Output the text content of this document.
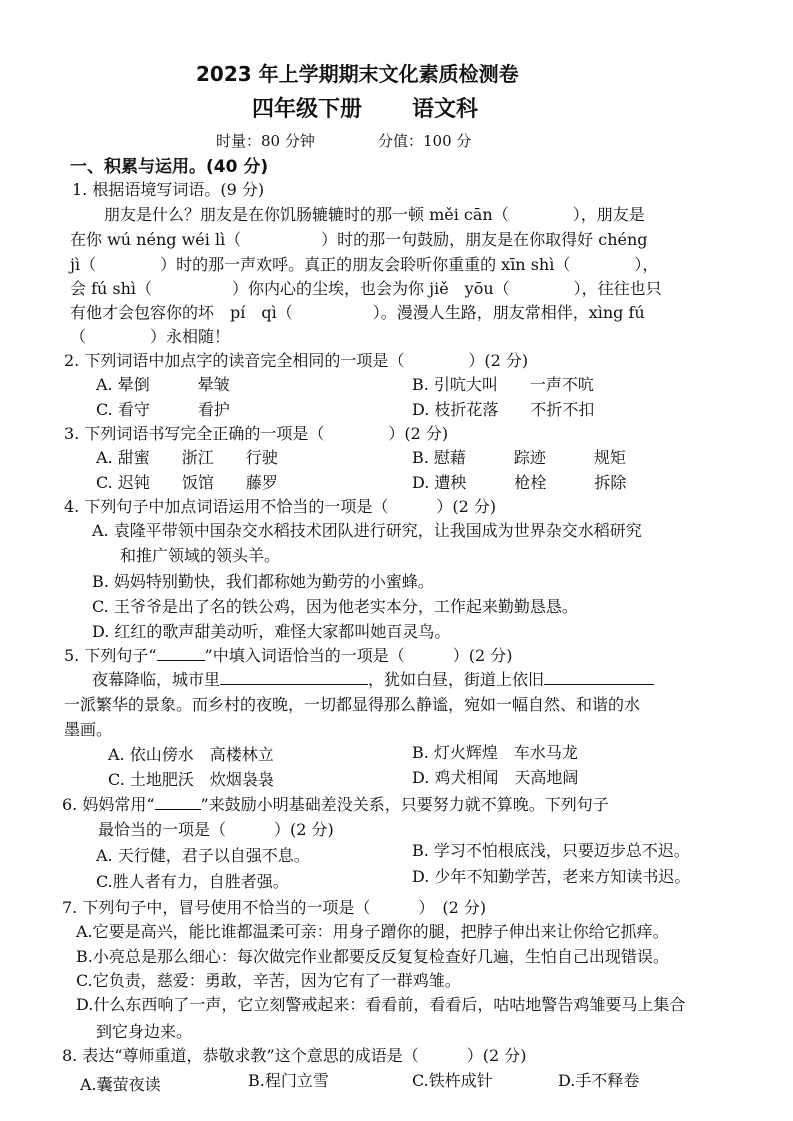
2023 年上学期期末文化素质检测卷
四年级下册 语文科
时量：80 分钟	分值：100 分
一、积累与运用。(40 分)
1. 根据语境写词语。(9 分)
朋友是什么？朋友是在你饥肠辘辘时的那一顿 měi cān（　　　　），朋友是
在你 wú néng wéi lì（　　　　　）时的那一句鼓励，朋友是在你取得好 chéng
jì（　　　　）时的那一声欢呼。真正的朋友会聆听你重重的 xīn shì（　　　　），
会 fú shì（　　　　　）你内心的尘埃，也会为你 jiě　yōu（　　　　），往往也只
有他才会包容你的坏　pí　qì（　　　　　）。漫漫人生路，朋友常相伴，xìng fú
（　　　　）永相随！
2. 下列词语中加点字的读音完全相同的一项是（　　　　）(2 分)
A. 晕倒　　　晕皱	B. 引吭大叫　　一声不吭
C. 看守　　　看护	D. 枝折花落　　不折不扣
3. 下列词语书写完全正确的一项是（　　　　）(2 分)
A. 甜蜜　　浙江　　行驶	B. 慰藉　　　踪迹　　　规矩
C. 迟钝　　饭馆　　藤罗	D. 遭秧　　　枪栓　　　拆除
4. 下列句子中加点词语运用不恰当的一项是（　　　）(2 分)
A. 袁隆平带领中国杂交水稻技术团队进行研究，让我国成为世界杂交水稻研究
和推广领域的领头羊。
B. 妈妈特别勤快，我们都称她为勤劳的小蜜蜂。
C. 王爷爷是出了名的铁公鸡，因为他老实本分，工作起来勤勤恳恳。
D. 红红的歌声甜美动听，难怪大家都叫她百灵鸟。
5. 下列句子“	”中填入词语恰当的一项是（　　　）(2 分)
夜幕降临，城市里	，犹如白昼，街道上依旧
一派繁华的景象。而乡村的夜晚，一切都显得那么静谧，宛如一幅自然、和谐的水
墨画。
A. 依山傍水　高楼林立	B. 灯火辉煌　车水马龙
C. 土地肥沃　炊烟袅袅	D. 鸡犬相闻　天高地阔
6. 妈妈常用“	”来鼓励小明基础差没关系，只要努力就不算晚。下列句子
最恰当的一项是（　　　）(2 分)
A. 天行健，君子以自强不息。	B. 学习不怕根底浅，只要迈步总不迟。
C.胜人者有力，自胜者强。	D. 少年不知勤学苦，老来方知读书迟。
7. 下列句子中，冒号使用不恰当的一项是（　　　）　(2 分)
A.它要是高兴，能比谁都温柔可亲：用身子蹭你的腿，把脖子伸出来让你给它抓痒。
B.小亮总是那么细心：每次做完作业都要反反复复检查好几遍，生怕自己出现错误。
C.它负责，慈爱：勇敢，辛苦，因为它有了一群鸡雏。
D.什么东西响了一声，它立刻警戒起来：看看前，看看后，咕咕地警告鸡雏要马上集合
到它身边来。
8. 表达“尊师重道，恭敬求教”这个意思的成语是（　　　）(2 分)
A.囊萤夜读	B.程门立雪	C.铁杵成针	D.手不释卷
